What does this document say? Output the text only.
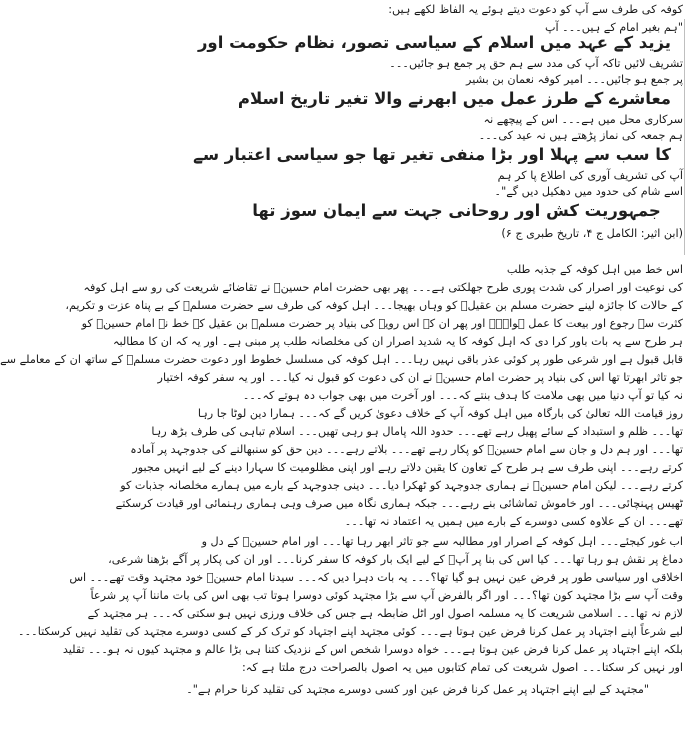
کوفہ کی طرف سے آپ کو دعوت دیتے ہوئے یہ الفاظ لکھے ہیں:
"ہم بغیر امام کے ہیں۔۔۔ آپ
یزید کے عہد میں اسلام کے سیاسی تصور، نظام حکومت اور
تشریف لائیں تاکہ آپ کی مدد سے ہم حق پر جمع ہو جائیں۔۔۔
پر جمع ہو جائیں۔۔۔ امیر کوفہ نعمان بن بشیر
معاشرے کے طرز عمل میں ابھرنے والا تغیر تاریخ اسلام
سرکاری محل میں ہے۔۔۔ اس کے پیچھے نہ
ہم جمعہ کی نماز پڑھتے ہیں نہ عید کی۔۔۔
کا سب سے پہلا اور بڑا منفی تغیر تھا جو سیاسی اعتبار سے
آپ کی تشریف آوری کی اطلاع پا کر ہم
اسے شام کی حدود میں دھکیل دیں گے"۔
جمہوریت کش اور روحانی جہت سے ایمان سوز تھا
(ابن اثیر: الکامل ج ۴، تاریخ طبری ج ۶)
اس خط میں اہل کوفہ کے جذبہ طلب
کی نوعیت اور اصرار کی شدت پوری طرح جھلکتی ہے۔۔۔ پھر بھی حضرت امام حسینؑ نے تقاضائے شریعت کی رو سے اہل کوفہ
کے حالات کا جائزہ لینے حضرت مسلم بن عقیلؑ کو وہاں بھیجا۔۔۔ اہل کوفہ کی طرف سے حضرت مسلمؑ کے بے پناہ عزت و تکریم،
کثرت سے رجوع اور بیعت کا عمل ہوا۔۔۔ اور پھر ان کے اس رویے کی بنیاد پر حضرت مسلمؑ بن عقیل کے خط نے امام حسینؑ کو
ہر طرح سے یہ بات باور کرا دی کہ اہل کوفہ کا یہ شدید اصرار ان کی مخلصانہ طلب پر مبنی ہے۔ اور یہ کہ ان کا مطالبہ
قابل قبول ہے اور شرعی طور پر کوئی عذر باقی نہیں رہا۔۔۔ اہل کوفہ کی مسلسل خطوط اور دعوت حضرت مسلمؑ کے ساتھ ان کے معاملے سے
جو تاثر ابھرتا تھا اس کی بنیاد پر حضرت امام حسینؑ نے ان کی دعوت کو قبول نہ کیا۔۔۔ اور یہ سفر کوفہ اختیار
نہ کیا تو آپ دنیا میں بھی ملامت کا ہدف بنتے کہ۔۔۔ اور آخرت میں بھی جواب دہ ہوتے کہ۔۔۔
روز قیامت اللہ تعالیٰ کی بارگاہ میں اہل کوفہ آپ کے خلاف دعویٰ کریں گے کہ۔۔۔ ہمارا دین لوٹا جا رہا
تھا۔۔۔ ظلم و استبداد کے سائے پھیل رہے تھے۔۔۔ حدود اللہ پامال ہو رہی تھیں۔۔۔ اسلام تباہی کی طرف بڑھ رہا
تھا۔۔۔ اور ہم دل و جان سے امام حسینؑ کو پکار رہے تھے۔۔۔ بلاتے رہے۔۔۔ دین حق کو سنبھالنے کی جدوجہد پر آمادہ
کرتے رہے۔۔۔ اپنی طرف سے ہر طرح کے تعاون کا یقین دلاتے رہے اور اپنی مظلومیت کا سہارا دینے کے لیے انہیں مجبور
کرتے رہے۔۔۔ لیکن امام حسینؑ نے ہماری جدوجہد کو ٹھکرا دیا۔۔۔ دینی جدوجہد کے بارے میں ہمارے مخلصانہ جذبات کو
ٹھیس پہنچائی۔۔۔ اور خاموش تماشائی بنے رہے۔۔۔ جبکہ ہماری نگاہ میں صرف وہی ہماری رہنمائی اور قیادت کرسکتے
تھے۔۔۔ ان کے علاوہ کسی دوسرے کے بارے میں ہمیں یہ اعتماد نہ تھا۔۔۔
اب غور کیجئے۔۔۔ اہل کوفہ کے اصرار اور مطالبہ سے جو تاثر ابھر رہا تھا۔۔۔ اور امام حسینؑ کے دل و
دماغ پر نقش ہو رہا تھا۔۔۔ کیا اس کی بنا پر آپؑ کے لیے ایک بار کوفہ کا سفر کرنا۔۔۔ اور ان کی پکار پر آگے بڑھنا شرعی،
اخلاقی اور سیاسی طور پر فرض عین نہیں ہو گیا تھا؟۔۔۔ یہ بات دہرا دیں کہ۔۔۔ سیدنا امام حسینؑ خود مجتہد وقت تھے۔۔۔ اس
وقت آپ سے بڑا مجتہد کون تھا؟۔۔۔ اور اگر بالفرض آپ سے بڑا مجتہد کوئی دوسرا ہوتا تب بھی اس کی بات ماننا آپ پر شرعاً
لازم نہ تھا۔۔۔ اسلامی شریعت کا یہ مسلمہ اصول اور اٹل ضابطہ ہے جس کی خلاف ورزی نہیں ہو سکتی کہ۔۔۔ ہر مجتہد کے
لیے شرعاً اپنے اجتہاد پر عمل کرنا فرض عین ہوتا ہے۔۔۔ کوئی مجتہد اپنے اجتہاد کو ترک کر کے کسی دوسرے مجتہد کی تقلید نہیں کرسکتا۔۔۔
بلکہ اپنے اجتہاد پر عمل کرنا فرض عین ہوتا ہے۔۔۔ خواہ دوسرا شخص اس کے نزدیک کتنا ہی بڑا عالم و مجتہد کیوں نہ ہو۔۔۔ تقلید
اور نہیں کر سکتا۔۔۔ اصول شریعت کی تمام کتابوں میں یہ اصول بالصراحت درج ملتا ہے کہ:
"مجتہد کے لیے اپنے اجتہاد پر عمل کرنا فرض عین اور کسی دوسرے مجتہد کی تقلید کرنا حرام ہے"۔
